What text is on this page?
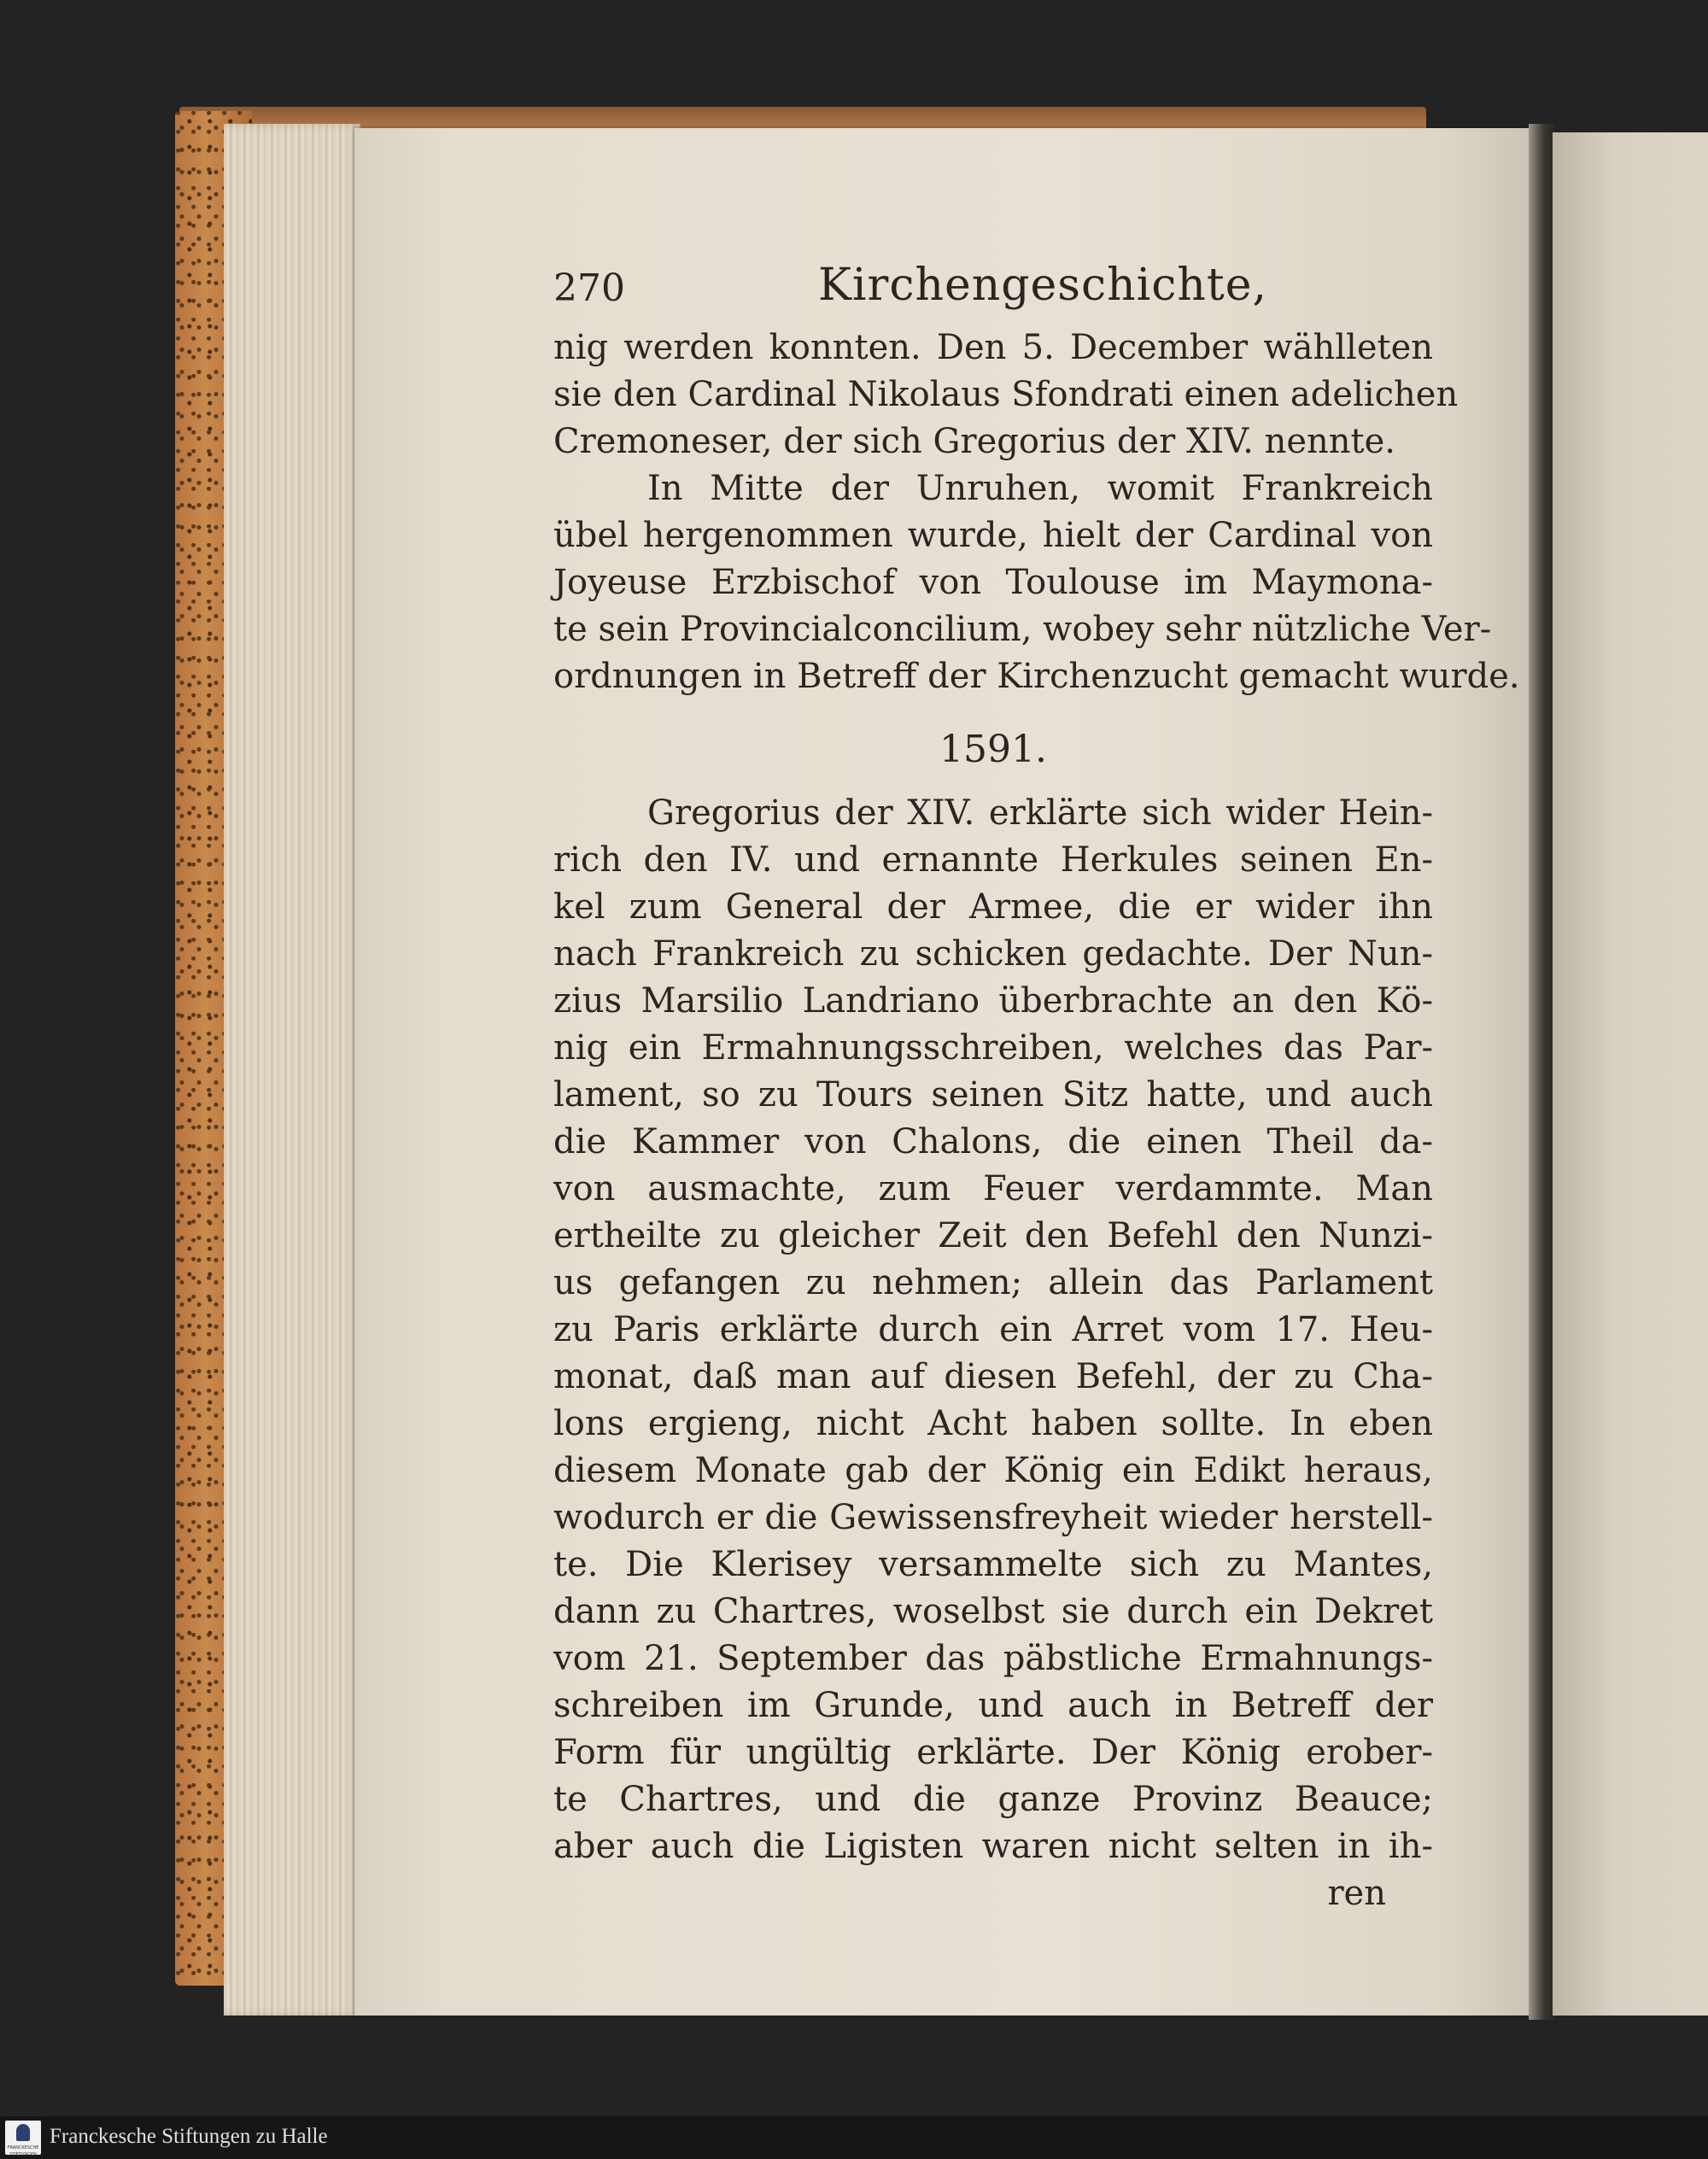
270	Kirchengeschichte,
nig werden konnten. Den 5. December wählleten
sie den Cardinal Nikolaus Sfondrati einen adelichen
Cremoneser, der sich Gregorius der XIV. nennte.
In Mitte der Unruhen, womit Frankreich
übel hergenommen wurde, hielt der Cardinal von
Joyeuse Erzbischof von Toulouse im Maymona-
te sein Provincialconcilium, wobey sehr nützliche Ver-
ordnungen in Betreff der Kirchenzucht gemacht wurde.
1591.
Gregorius der XIV. erklärte sich wider Hein-
rich den IV. und ernannte Herkules seinen En-
kel zum General der Armee, die er wider ihn
nach Frankreich zu schicken gedachte. Der Nun-
zius Marsilio Landriano überbrachte an den Kö-
nig ein Ermahnungsschreiben, welches das Par-
lament, so zu Tours seinen Sitz hatte, und auch
die Kammer von Chalons, die einen Theil da-
von ausmachte, zum Feuer verdammte. Man
ertheilte zu gleicher Zeit den Befehl den Nunzi-
us gefangen zu nehmen; allein das Parlament
zu Paris erklärte durch ein Arret vom 17. Heu-
monat, daß man auf diesen Befehl, der zu Cha-
lons ergieng, nicht Acht haben sollte. In eben
diesem Monate gab der König ein Edikt heraus,
wodurch er die Gewissensfreyheit wieder herstell-
te. Die Klerisey versammelte sich zu Mantes,
dann zu Chartres, woselbst sie durch ein Dekret
vom 21. September das päbstliche Ermahnungs-
schreiben im Grunde, und auch in Betreff der
Form für ungültig erklärte. Der König erober-
te Chartres, und die ganze Provinz Beauce;
aber auch die Ligisten waren nicht selten in ih-
ren
FRANCKESCHE STIFTUNGEN
Franckesche Stiftungen zu Halle
